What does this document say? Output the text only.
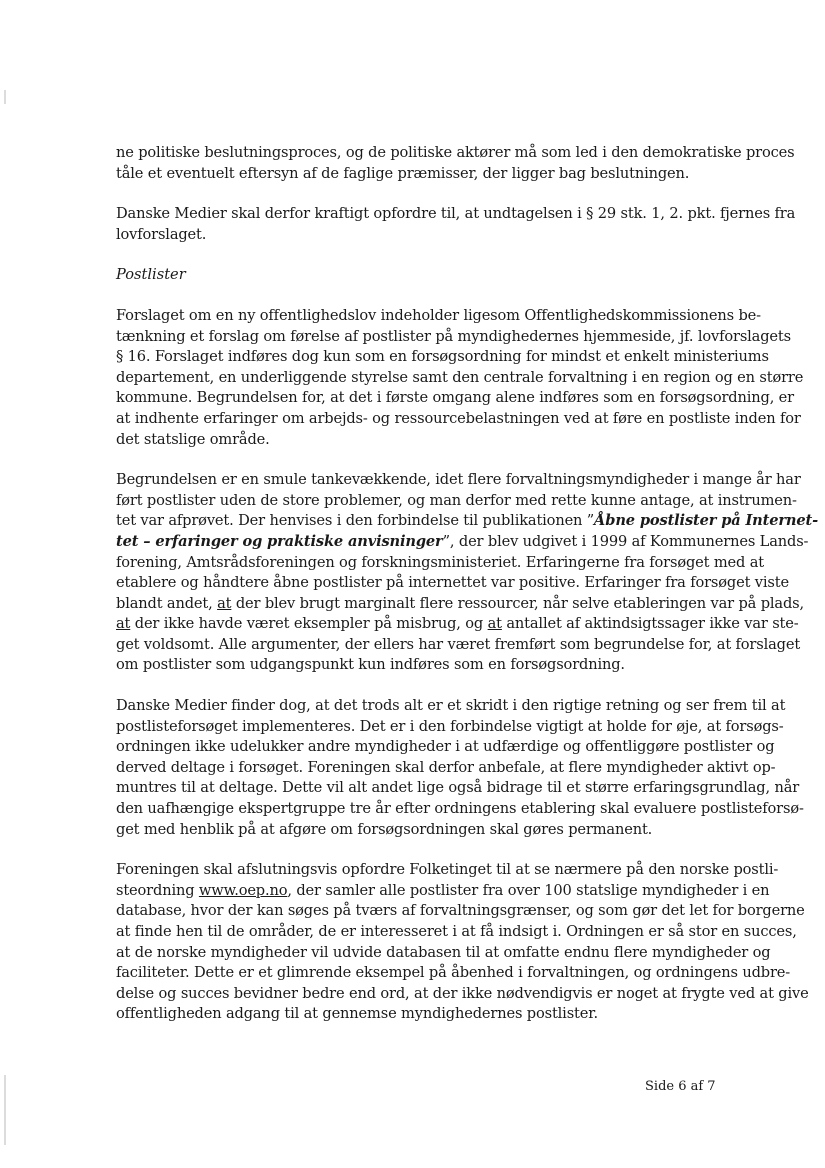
ne politiske beslutningsproces, og de politiske aktører må som led i den demokratiske proces
tåle et eventuelt eftersyn af de faglige præmisser, der ligger bag beslutningen.
Danske Medier skal derfor kraftigt opfordre til, at undtagelsen i § 29 stk. 1, 2. pkt. fjernes fra
lovforslaget.
Postlister
Forslaget om en ny offentlighedslov indeholder ligesom Offentlighedskommissionens be-
tænkning et forslag om førelse af postlister på myndighedernes hjemmeside, jf. lovforslagets
§ 16. Forslaget indføres dog kun som en forsøgsordning for mindst et enkelt ministeriums
departement, en underliggende styrelse samt den centrale forvaltning i en region og en større
kommune. Begrundelsen for, at det i første omgang alene indføres som en forsøgsordning, er
at indhente erfaringer om arbejds- og ressourcebelastningen ved at føre en postliste inden for
det statslige område.
Begrundelsen er en smule tankevækkende, idet flere forvaltningsmyndigheder i mange år har
ført postlister uden de store problemer, og man derfor med rette kunne antage, at instrumen-
tet var afprøvet. Der henvises i den forbindelse til publikationen ”Åbne postlister på Internet-
tet – erfaringer og praktiske anvisninger”, der blev udgivet i 1999 af Kommunernes Lands-
forening, Amtsrådsforeningen og forskningsministeriet. Erfaringerne fra forsøget med at
etablere og håndtere åbne postlister på internettet var positive. Erfaringer fra forsøget viste
blandt andet, at der blev brugt marginalt flere ressourcer, når selve etableringen var på plads,
at der ikke havde været eksempler på misbrug, og at antallet af aktindsigtssager ikke var ste-
get voldsomt. Alle argumenter, der ellers har været fremført som begrundelse for, at forslaget
om postlister som udgangspunkt kun indføres som en forsøgsordning.
Danske Medier finder dog, at det trods alt er et skridt i den rigtige retning og ser frem til at
postlisteforsøget implementeres. Det er i den forbindelse vigtigt at holde for øje, at forsøgs-
ordningen ikke udelukker andre myndigheder i at udfærdige og offentliggøre postlister og
derved deltage i forsøget. Foreningen skal derfor anbefale, at flere myndigheder aktivt op-
muntres til at deltage. Dette vil alt andet lige også bidrage til et større erfaringsgrundlag, når
den uafhængige ekspertgruppe tre år efter ordningens etablering skal evaluere postlisteforsø-
get med henblik på at afgøre om forsøgsordningen skal gøres permanent.
Foreningen skal afslutningsvis opfordre Folketinget til at se nærmere på den norske postli-
steordning www.oep.no, der samler alle postlister fra over 100 statslige myndigheder i en
database, hvor der kan søges på tværs af forvaltningsgrænser, og som gør det let for borgerne
at finde hen til de områder, de er interesseret i at få indsigt i. Ordningen er så stor en succes,
at de norske myndigheder vil udvide databasen til at omfatte endnu flere myndigheder og
faciliteter. Dette er et glimrende eksempel på åbenhed i forvaltningen, og ordningens udbre-
delse og succes bevidner bedre end ord, at der ikke nødvendigvis er noget at frygte ved at give
offentligheden adgang til at gennemse myndighedernes postlister.
Side 6 af 7
